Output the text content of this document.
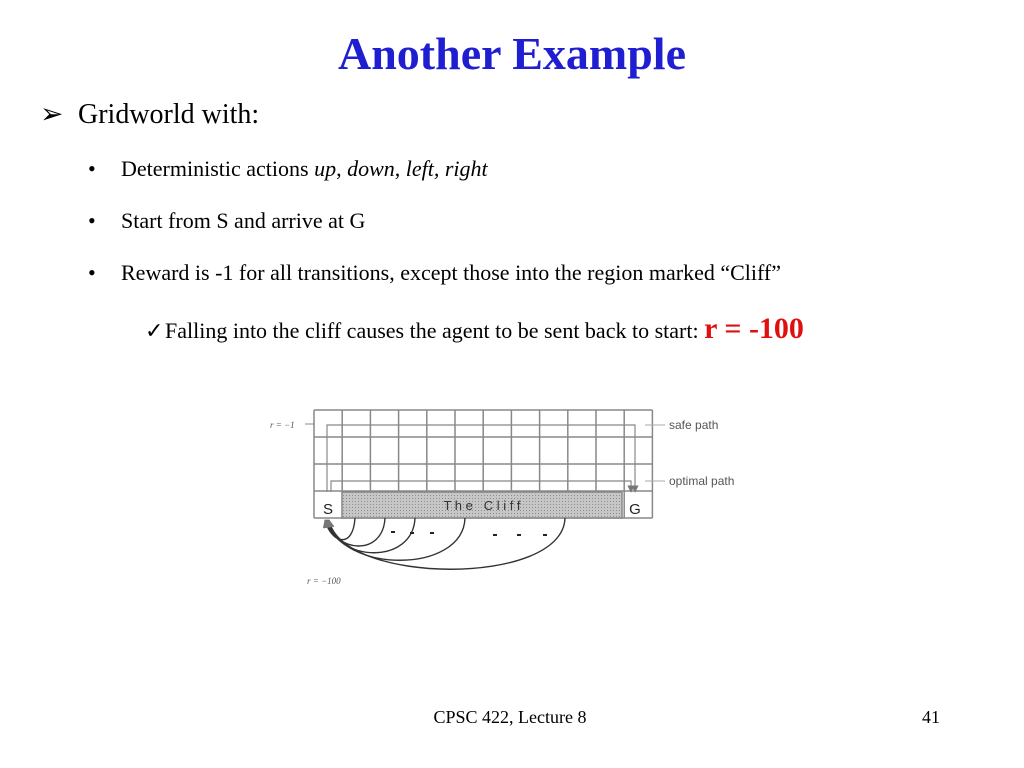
Another Example
➢ Gridworld with:
• Deterministic actions up, down, left, right
• Start from S and arrive at G
• Reward is -1 for all transitions, except those into the region marked “Cliff”
✓Falling into the cliff causes the agent to be sent back to start: r = -100
r = −1
T h e   C l i f f
S	G
safe path
optimal path
r = −100
CPSC 422, Lecture 8	41
